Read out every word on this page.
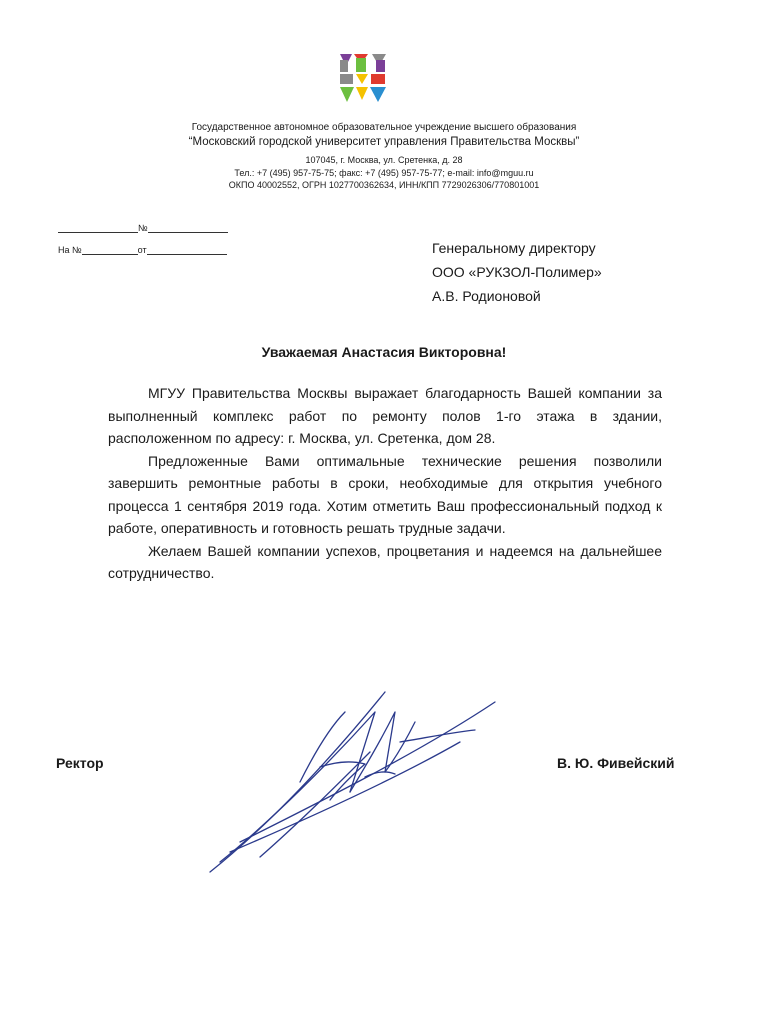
Государственное автономное образовательное учреждение высшего образования
“Московский городской университет управления Правительства Москвы”
107045, г. Москва, ул. Сретенка, д. 28
Тел.: +7 (495) 957-75-75; факс: +7 (495) 957-75-77; e-mail: info@mguu.ru
ОКПО 40002552, ОГРН 1027700362634, ИНН/КПП 7729026306/770801001
№
На №	от	Генеральному директору
ООО «РУКЗОЛ-Полимер»
А.В. Родионовой
Уважаемая Анастасия Викторовна!

МГУУ Правительства Москвы выражает благодарность Вашей компании за выполненный комплекс работ по ремонту полов 1-го этажа в здании, расположенном по адресу: г. Москва, ул. Сретенка, дом 28.

Предложенные Вами оптимальные технические решения позволили завершить ремонтные работы в сроки, необходимые для открытия учебного процесса 1 сентября 2019 года. Хотим отметить Ваш профессиональный подход к работе, оперативность и готовность решать трудные задачи.

Желаем Вашей компании успехов, процветания и надеемся на дальнейшее сотрудничество.

Ректор	В. Ю. Фивейский
